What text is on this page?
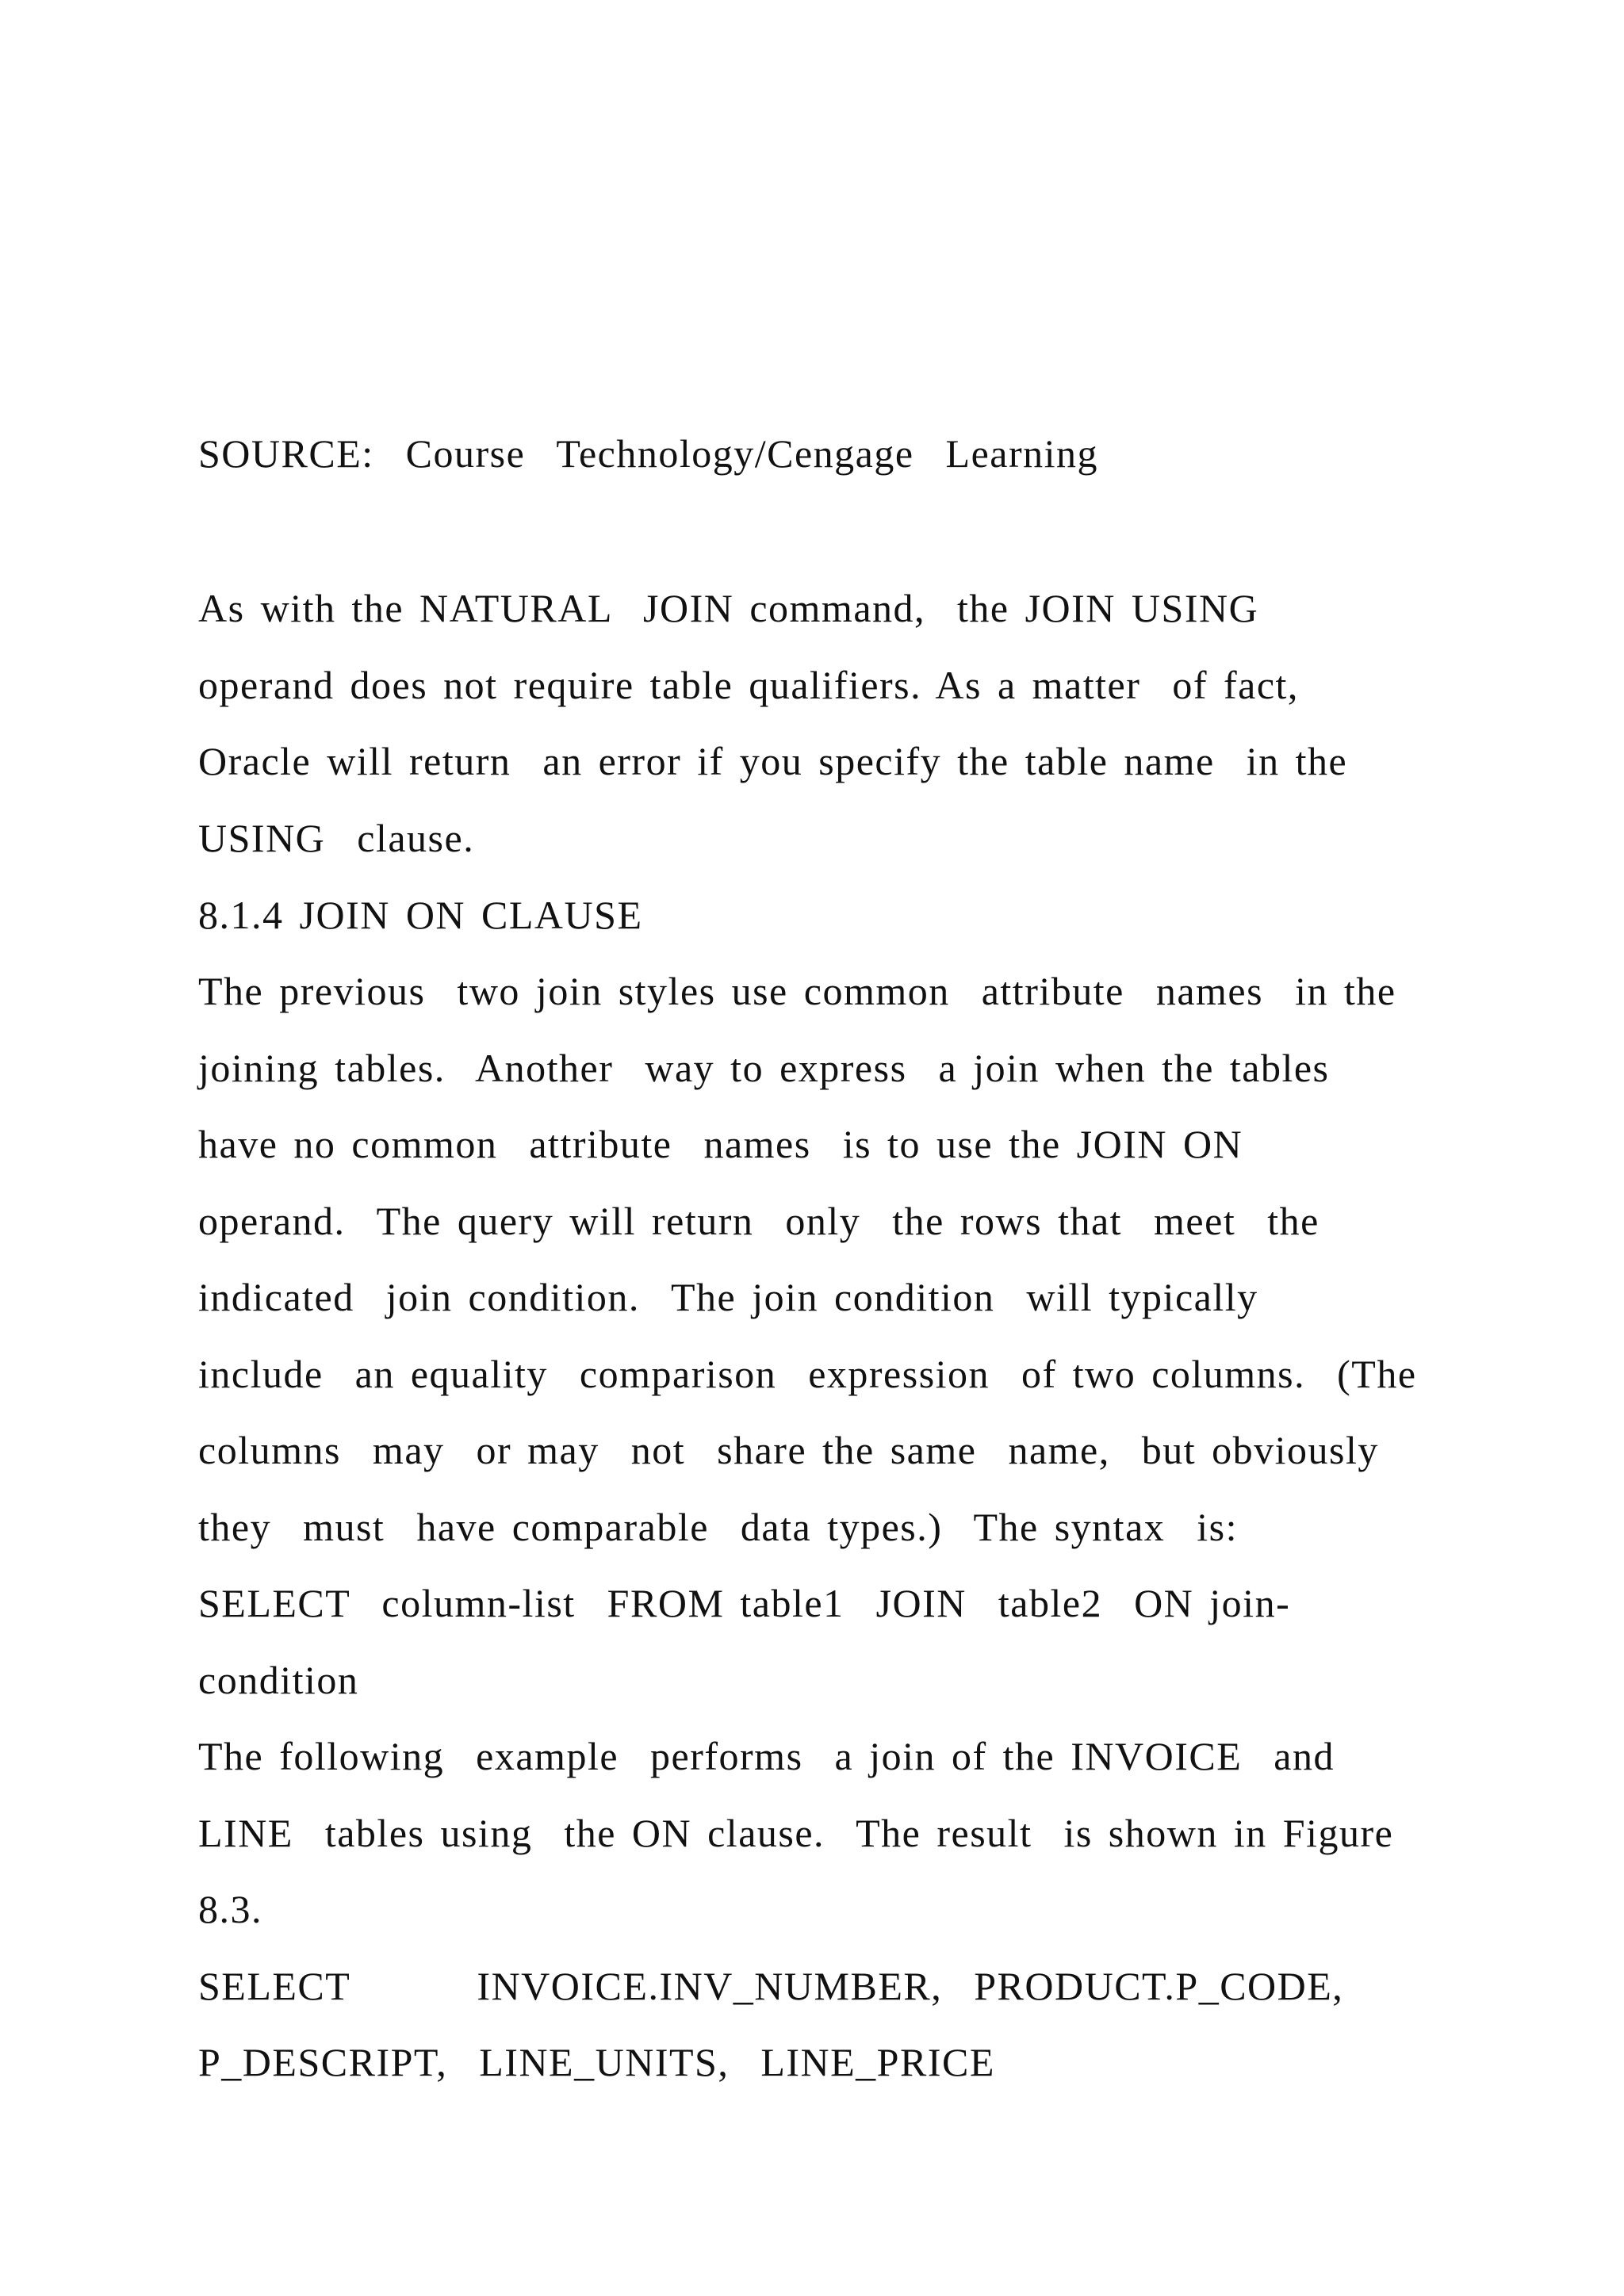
SOURCE:  Course  Technology/Cengage  Learning
As with the NATURAL  JOIN command,  the JOIN USING
operand does not require table qualifiers. As a matter  of fact,
Oracle will return  an error if you specify the table name  in the
USING  clause.
8.1.4 JOIN ON CLAUSE
The previous  two join styles use common  attribute  names  in the
joining tables.  Another  way to express  a join when the tables
have no common  attribute  names  is to use the JOIN ON
operand.  The query will return  only  the rows that  meet  the
indicated  join condition.  The join condition  will typically
include  an equality  comparison  expression  of two columns.  (The
columns  may  or may  not  share the same  name,  but obviously
they  must  have comparable  data types.)  The syntax  is:
SELECT  column-list  FROM table1  JOIN  table2  ON join-
condition
The following  example  performs  a join of the INVOICE  and
LINE  tables using  the ON clause.  The result  is shown in Figure
8.3.
SELECT        INVOICE.INV_NUMBER,  PRODUCT.P_CODE,
P_DESCRIPT,  LINE_UNITS,  LINE_PRICE
